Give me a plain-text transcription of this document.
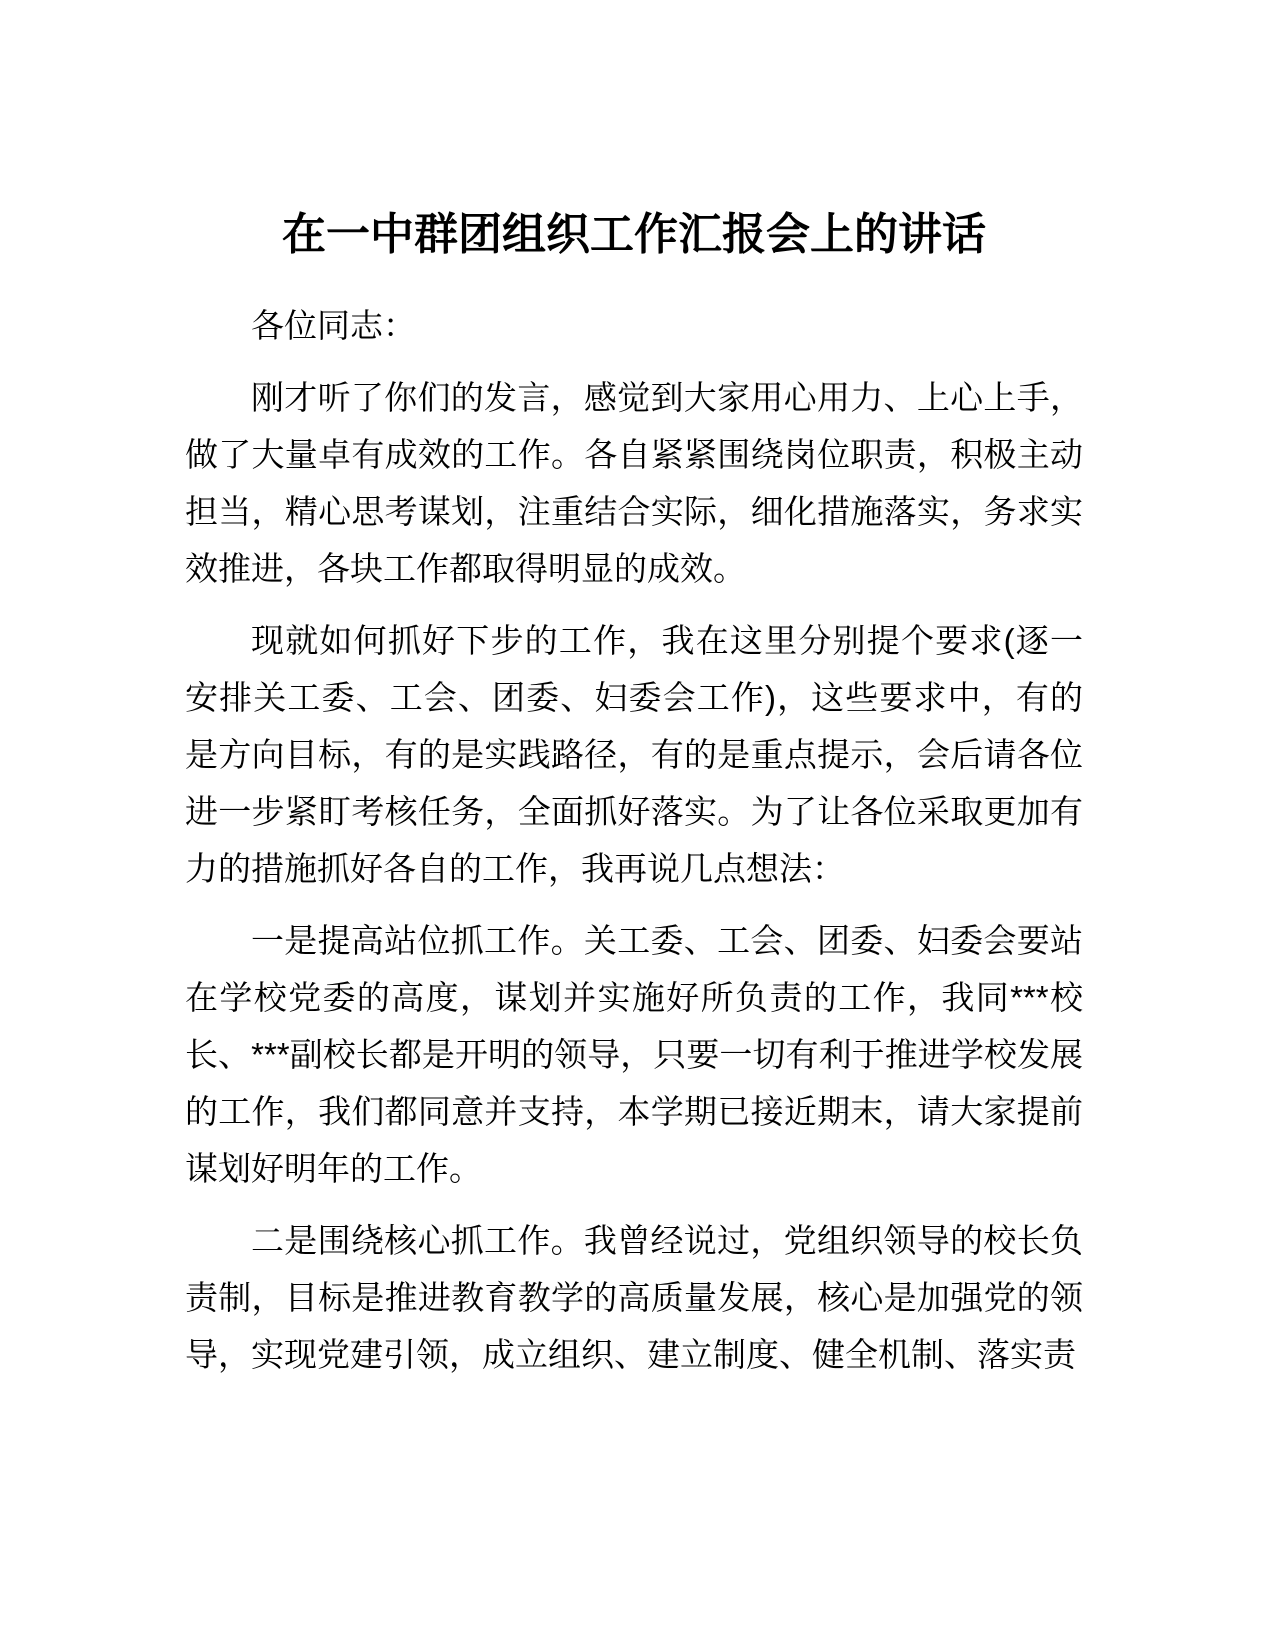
在一中群团组织工作汇报会上的讲话

各位同志：

刚才听了你们的发言，感觉到大家用心用力、上心上手，做了大量卓有成效的工作。各自紧紧围绕岗位职责，积极主动担当，精心思考谋划，注重结合实际，细化措施落实，务求实效推进，各块工作都取得明显的成效。

现就如何抓好下步的工作，我在这里分别提个要求(逐一安排关工委、工会、团委、妇委会工作)，这些要求中，有的是方向目标，有的是实践路径，有的是重点提示，会后请各位进一步紧盯考核任务，全面抓好落实。为了让各位采取更加有力的措施抓好各自的工作，我再说几点想法：

一是提高站位抓工作。关工委、工会、团委、妇委会要站在学校党委的高度，谋划并实施好所负责的工作，我同***校长、***副校长都是开明的领导，只要一切有利于推进学校发展的工作，我们都同意并支持，本学期已接近期末，请大家提前谋划好明年的工作。

二是围绕核心抓工作。我曾经说过，党组织领导的校长负责制，目标是推进教育教学的高质量发展，核心是加强党的领导，实现党建引领，成立组织、建立制度、健全机制、落实责
